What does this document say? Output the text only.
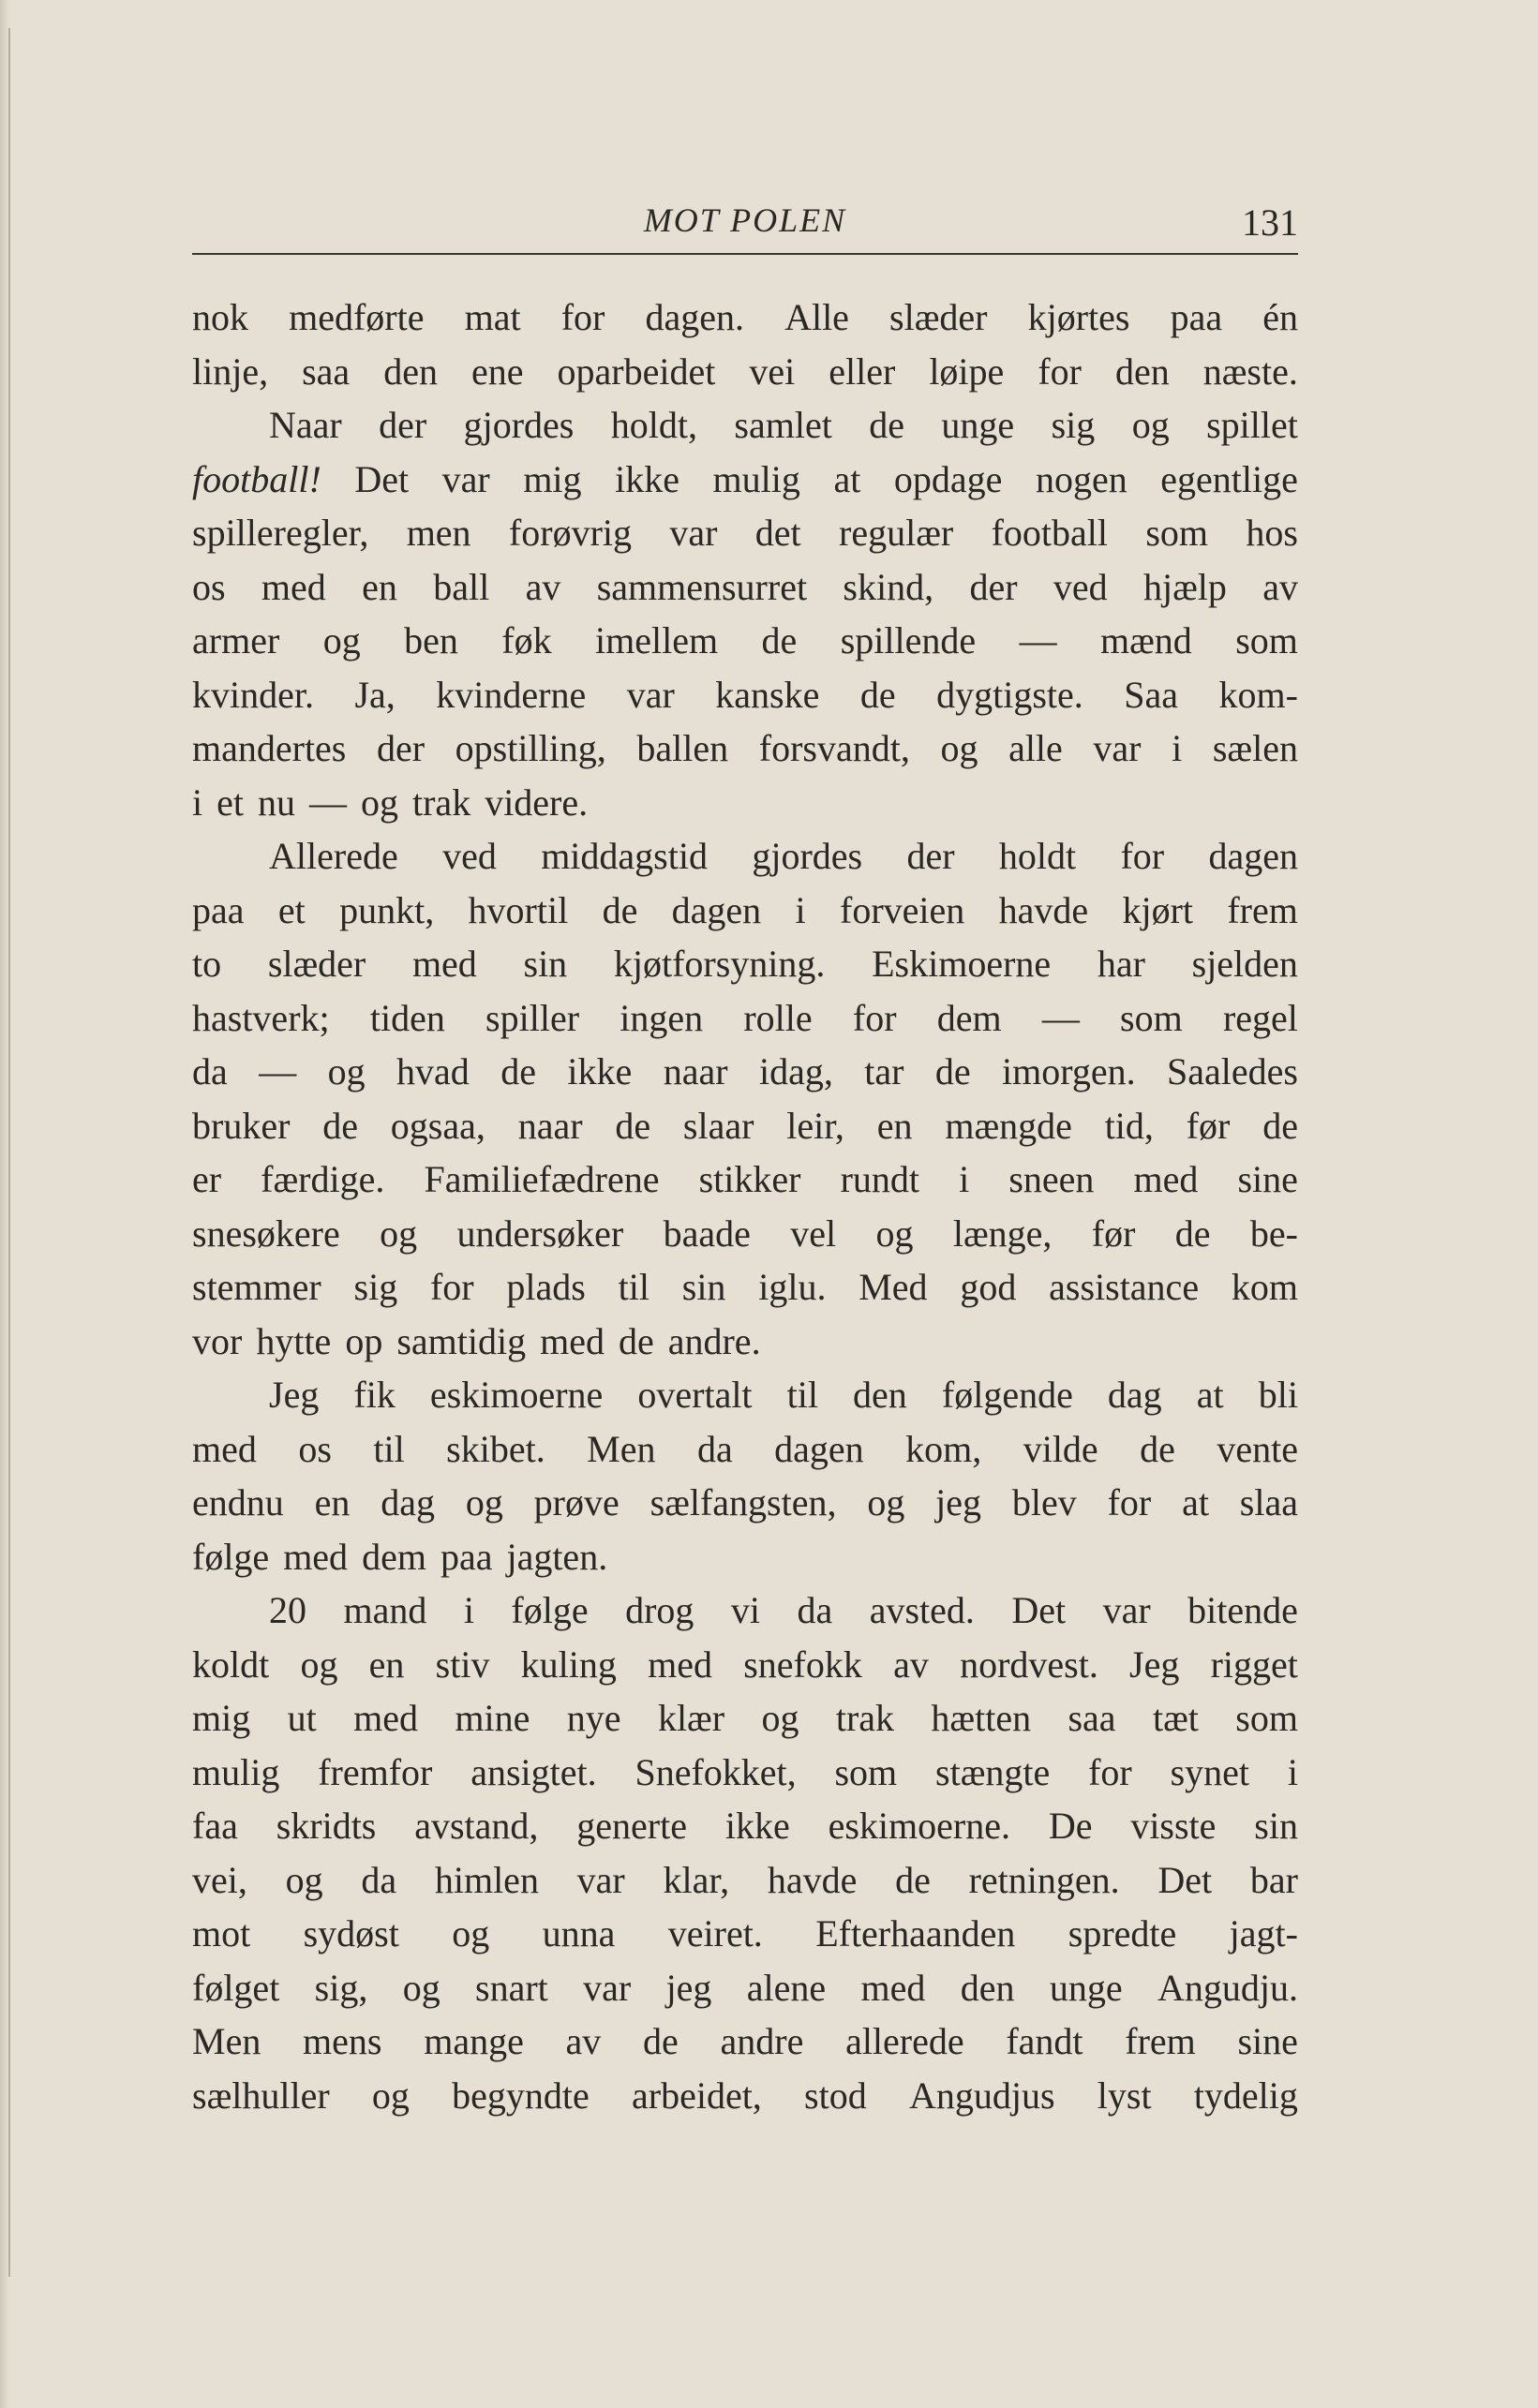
MOT POLEN	131
nok medførte mat for dagen. Alle slæder kjørtes paa én
linje, saa den ene oparbeidet vei eller løipe for den næste.
Naar der gjordes holdt, samlet de unge sig og spillet
football! Det var mig ikke mulig at opdage nogen egentlige
spilleregler, men forøvrig var det regulær football som hos
os med en ball av sammensurret skind, der ved hjælp av
armer og ben føk imellem de spillende — mænd som
kvinder. Ja, kvinderne var kanske de dygtigste. Saa kom-
mandertes der opstilling, ballen forsvandt, og alle var i sælen
i et nu — og trak videre.
Allerede ved middagstid gjordes der holdt for dagen
paa et punkt, hvortil de dagen i forveien havde kjørt frem
to slæder med sin kjøtforsyning. Eskimoerne har sjelden
hastverk; tiden spiller ingen rolle for dem — som regel
da — og hvad de ikke naar idag, tar de imorgen. Saaledes
bruker de ogsaa, naar de slaar leir, en mængde tid, før de
er færdige. Familiefædrene stikker rundt i sneen med sine
snesøkere og undersøker baade vel og længe, før de be-
stemmer sig for plads til sin iglu. Med god assistance kom
vor hytte op samtidig med de andre.
Jeg fik eskimoerne overtalt til den følgende dag at bli
med os til skibet. Men da dagen kom, vilde de vente
endnu en dag og prøve sælfangsten, og jeg blev for at slaa
følge med dem paa jagten.
20 mand i følge drog vi da avsted. Det var bitende
koldt og en stiv kuling med snefokk av nordvest. Jeg rigget
mig ut med mine nye klær og trak hætten saa tæt som
mulig fremfor ansigtet. Snefokket, som stængte for synet i
faa skridts avstand, generte ikke eskimoerne. De visste sin
vei, og da himlen var klar, havde de retningen. Det bar
mot sydøst og unna veiret. Efterhaanden spredte jagt-
følget sig, og snart var jeg alene med den unge Angudju.
Men mens mange av de andre allerede fandt frem sine
sælhuller og begyndte arbeidet, stod Angudjus lyst tydelig
